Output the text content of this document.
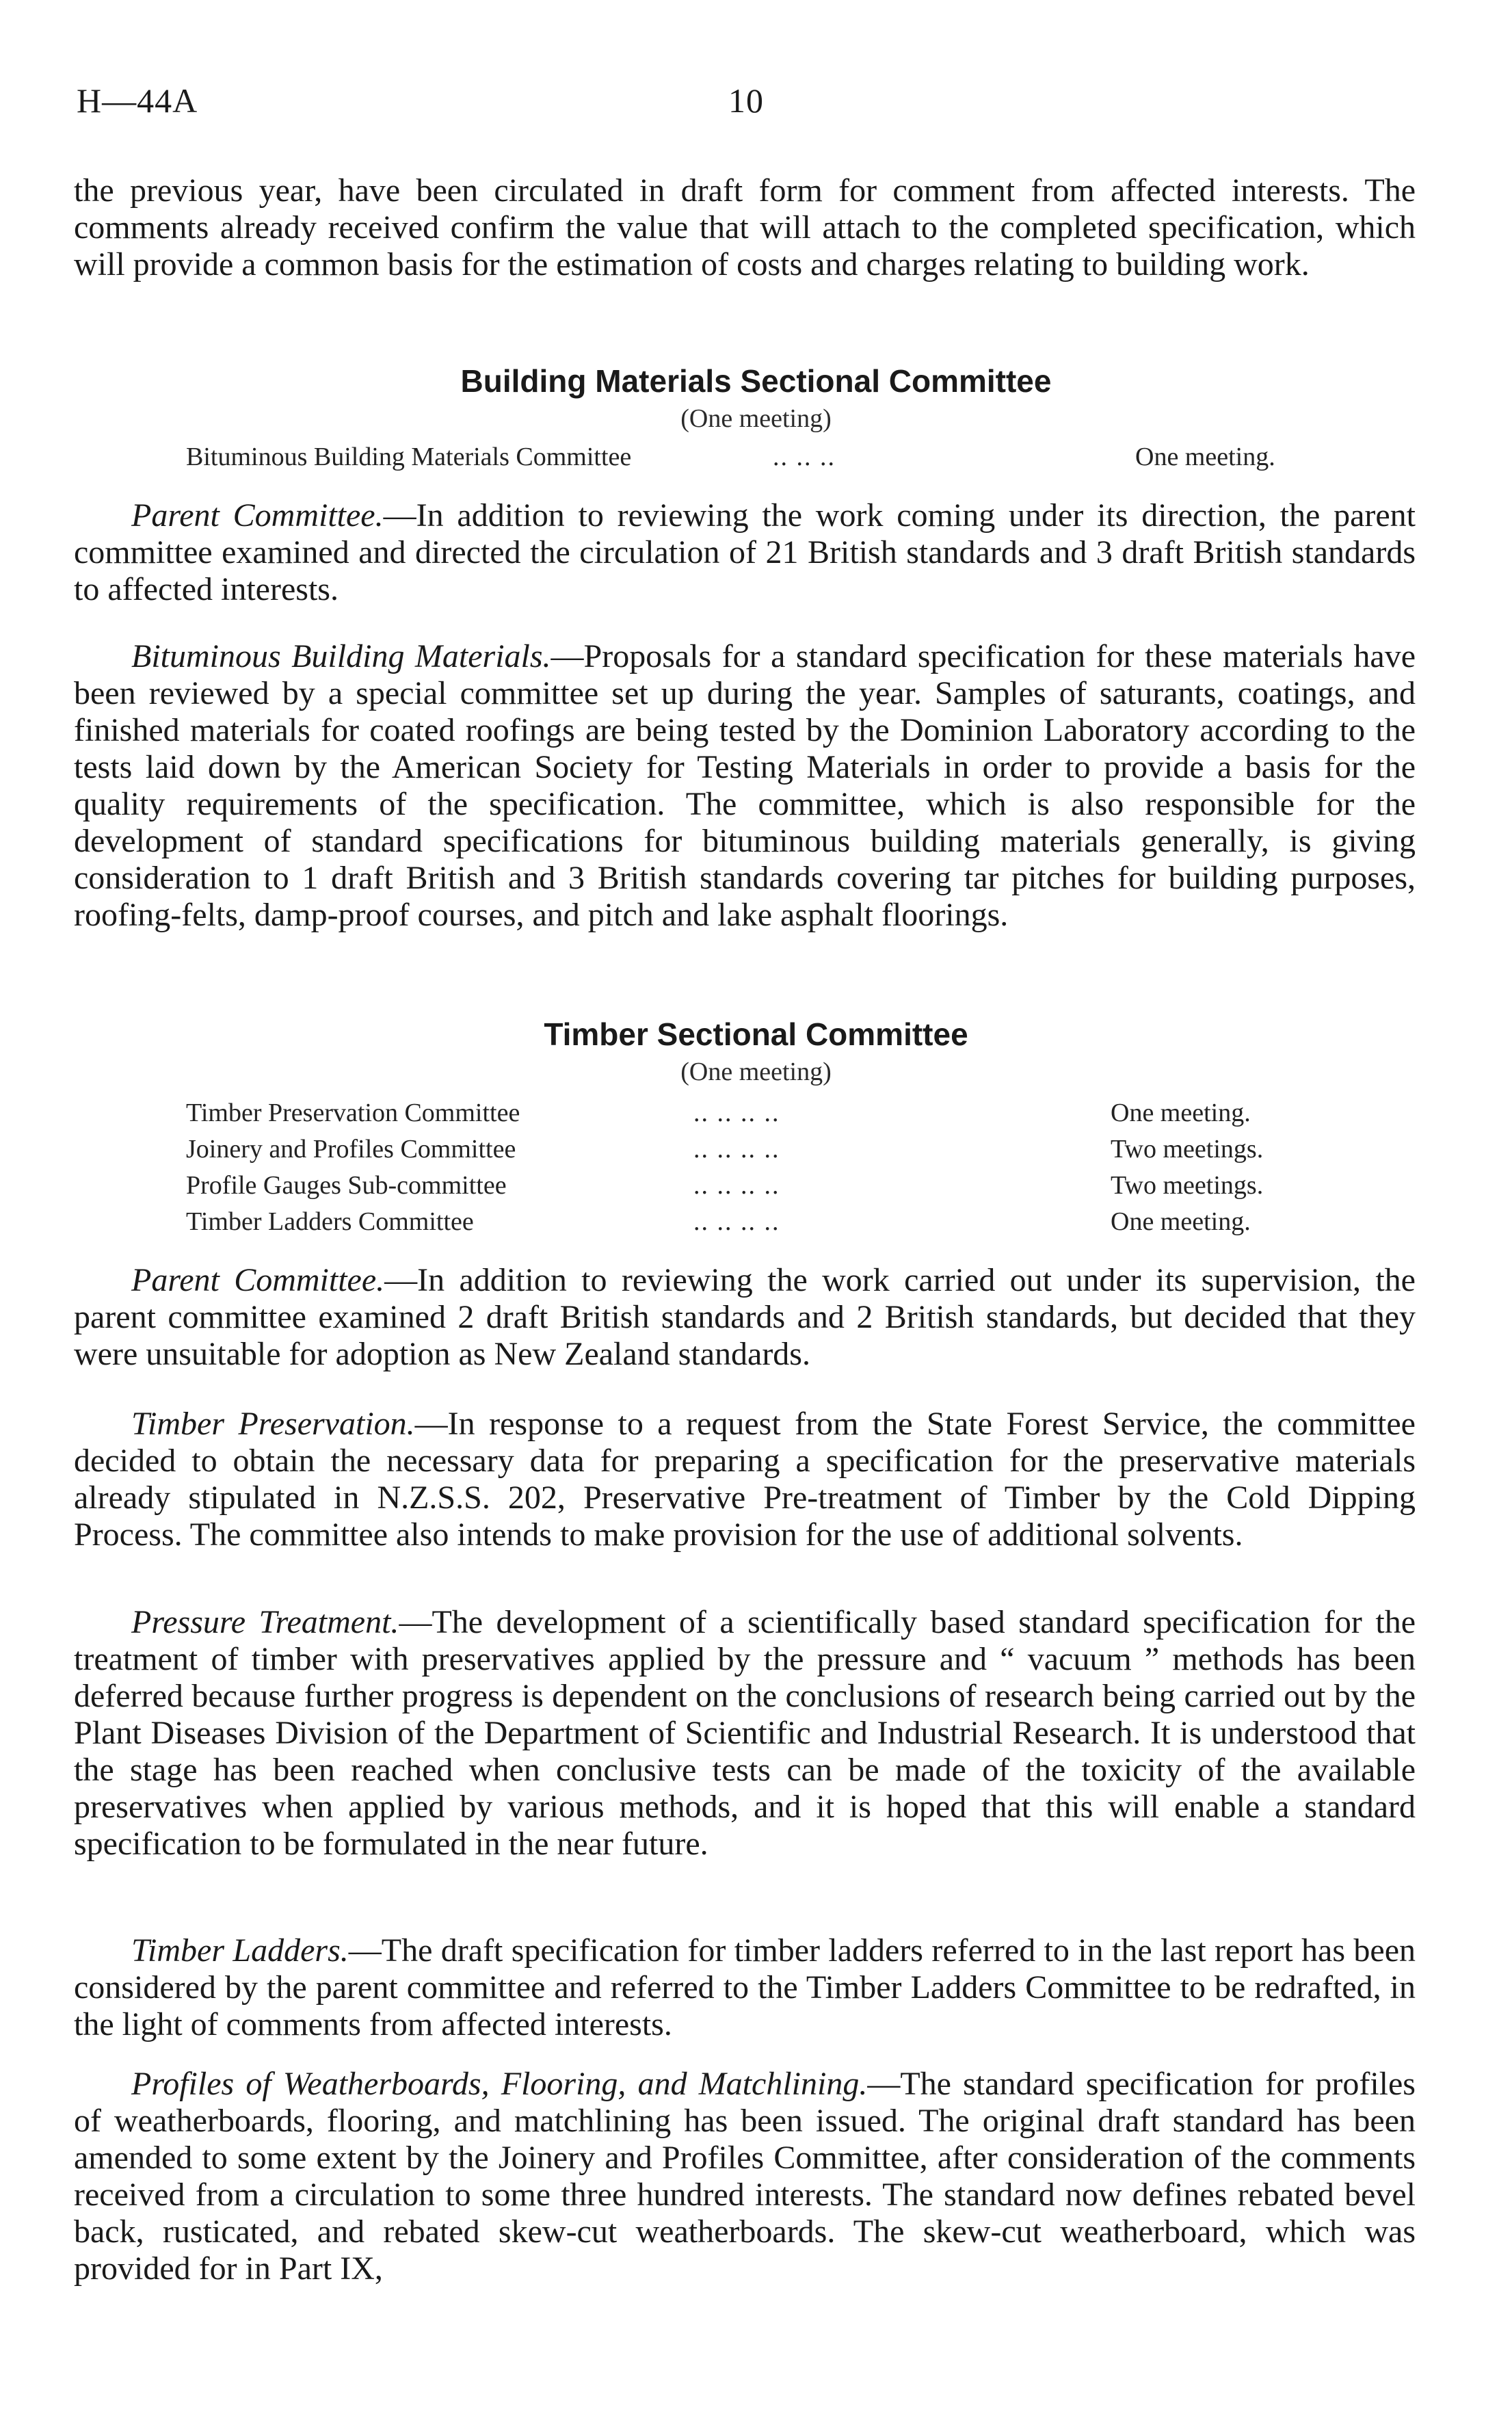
H—44A	10

the previous year, have been circulated in draft form for comment from affected interests. The comments already received confirm the value that will attach to the completed specification, which will provide a common basis for the estimation of costs and charges relating to building work.

Building Materials Sectional Committee
(One meeting)
Bituminous Building Materials Committee	.. .. ..	One meeting.

Parent Committee.—In addition to reviewing the work coming under its direction, the parent committee examined and directed the circulation of 21 British standards and 3 draft British standards to affected interests.

Bituminous Building Materials.—Proposals for a standard specification for these materials have been reviewed by a special committee set up during the year. Samples of saturants, coatings, and finished materials for coated roofings are being tested by the Dominion Laboratory according to the tests laid down by the American Society for Testing Materials in order to provide a basis for the quality requirements of the specification. The committee, which is also responsible for the development of standard specifications for bituminous building materials generally, is giving consideration to 1 draft British and 3 British standards covering tar pitches for building purposes, roofing-felts, damp-proof courses, and pitch and lake asphalt floorings.

Timber Sectional Committee
(One meeting)
Timber Preservation Committee	.. .. .. ..	One meeting.
Joinery and Profiles Committee	.. .. .. ..	Two meetings.
Profile Gauges Sub-committee	.. .. .. ..	Two meetings.
Timber Ladders Committee	.. .. .. ..	One meeting.

Parent Committee.—In addition to reviewing the work carried out under its supervision, the parent committee examined 2 draft British standards and 2 British standards, but decided that they were unsuitable for adoption as New Zealand standards.

Timber Preservation.—In response to a request from the State Forest Service, the committee decided to obtain the necessary data for preparing a specification for the preservative materials already stipulated in N.Z.S.S. 202, Preservative Pre-treatment of Timber by the Cold Dipping Process. The committee also intends to make provision for the use of additional solvents.

Pressure Treatment.—The development of a scientifically based standard specification for the treatment of timber with preservatives applied by the pressure and “ vacuum ” methods has been deferred because further progress is dependent on the conclusions of research being carried out by the Plant Diseases Division of the Department of Scientific and Industrial Research. It is understood that the stage has been reached when conclusive tests can be made of the toxicity of the available preservatives when applied by various methods, and it is hoped that this will enable a standard specification to be formulated in the near future.

Timber Ladders.—The draft specification for timber ladders referred to in the last report has been considered by the parent committee and referred to the Timber Ladders Committee to be redrafted, in the light of comments from affected interests.

Profiles of Weatherboards, Flooring, and Matchlining.—The standard specification for profiles of weatherboards, flooring, and matchlining has been issued. The original draft standard has been amended to some extent by the Joinery and Profiles Committee, after consideration of the comments received from a circulation to some three hundred interests. The standard now defines rebated bevel back, rusticated, and rebated skew-cut weatherboards. The skew-cut weatherboard, which was provided for in Part IX,
